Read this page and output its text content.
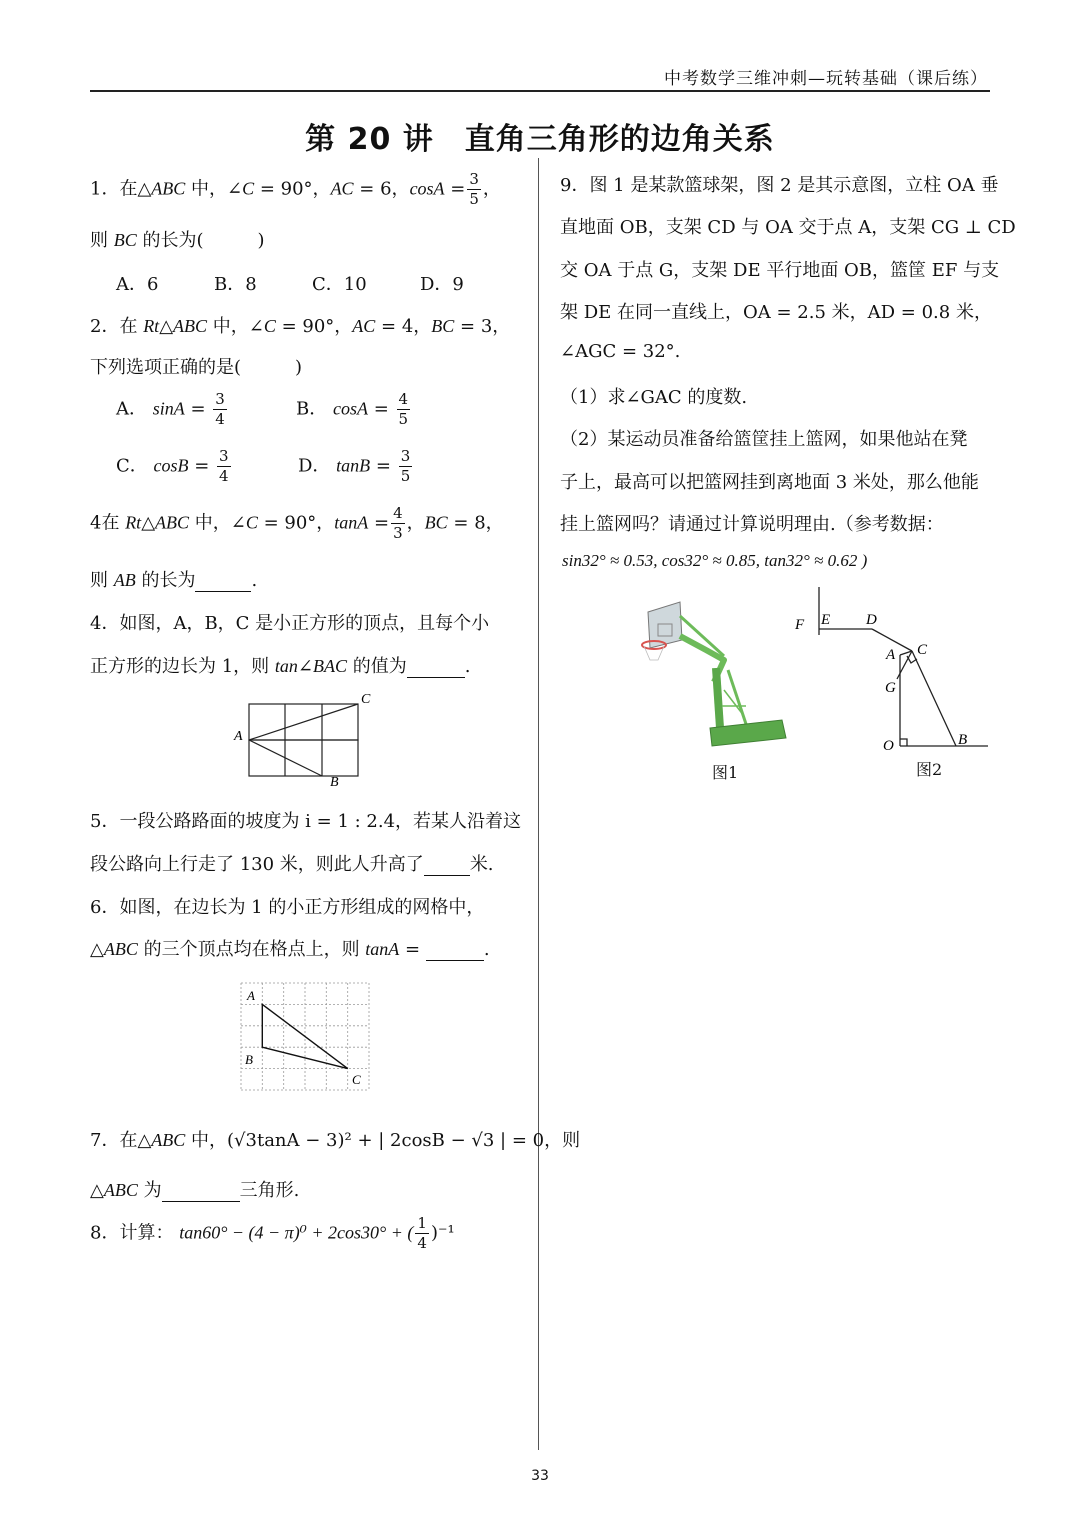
中考数学三维冲刺—玩转基础（课后练）
第 20 讲　直角三角形的边角关系
1．在△ABC 中，∠C = 90°，AC = 6，$\cos A = \frac{3}{5}$ ，
则 BC 的长为(　　　)
A．6	B．8	C．10	D．9
2．在 Rt△ABC 中，∠C = 90°，AC = 4，BC = 3，
下列选项正确的是(　　　)
A． $\sin A = \frac{3}{4}$	B． $\cos A = \frac{4}{5}$
C． $\cos B = \frac{3}{4}$	D． $\tan B = \frac{3}{5}$
4在 Rt△ABC 中，∠C = 90°，$\tan A = \frac{4}{3}$ ，BC = 8，
则 AB 的长为	.
4．如图，A，B，C 是小正方形的顶点，且每个小
正方形的边长为 1，则 tan∠BAC 的值为	.
A
B
C
5．一段公路路面的坡度为 i = 1 : 2.4，若某人沿着这
段公路向上行走了 130 米，则此人升高了	米.
6．如图，在边长为 1 的小正方形组成的网格中，
△ABC 的三个顶点均在格点上，则 tanA =	.
A
B
C
7．在△ABC 中，(√3tanA − 3)² + | 2cosB − √3 | = 0，则
△ABC 为	三角形.
8．计算： tan60° − (4 − π)⁰ + 2cos30° + ( $\frac{1}{4} )^{-1}$
9．图 1 是某款篮球架，图 2 是其示意图，立柱 OA 垂
直地面 OB，支架 CD 与 OA 交于点 A，支架 CG ⊥ CD
交 OA 于点 G，支架 DE 平行地面 OB，篮筐 EF 与支
架 DE 在同一直线上，OA = 2.5 米，AD = 0.8 米，
∠AGC = 32°.
（1）求∠GAC 的度数.
（2）某运动员准备给篮筐挂上篮网，如果他站在凳
子上，最高可以把篮网挂到离地面 3 米处，那么他能
挂上篮网吗？请通过计算说明理由.（参考数据：
sin32° ≈ 0.53, cos32° ≈ 0.85, tan32° ≈ 0.62 )
图1
F E D
A C
G
O	B
图2
33
